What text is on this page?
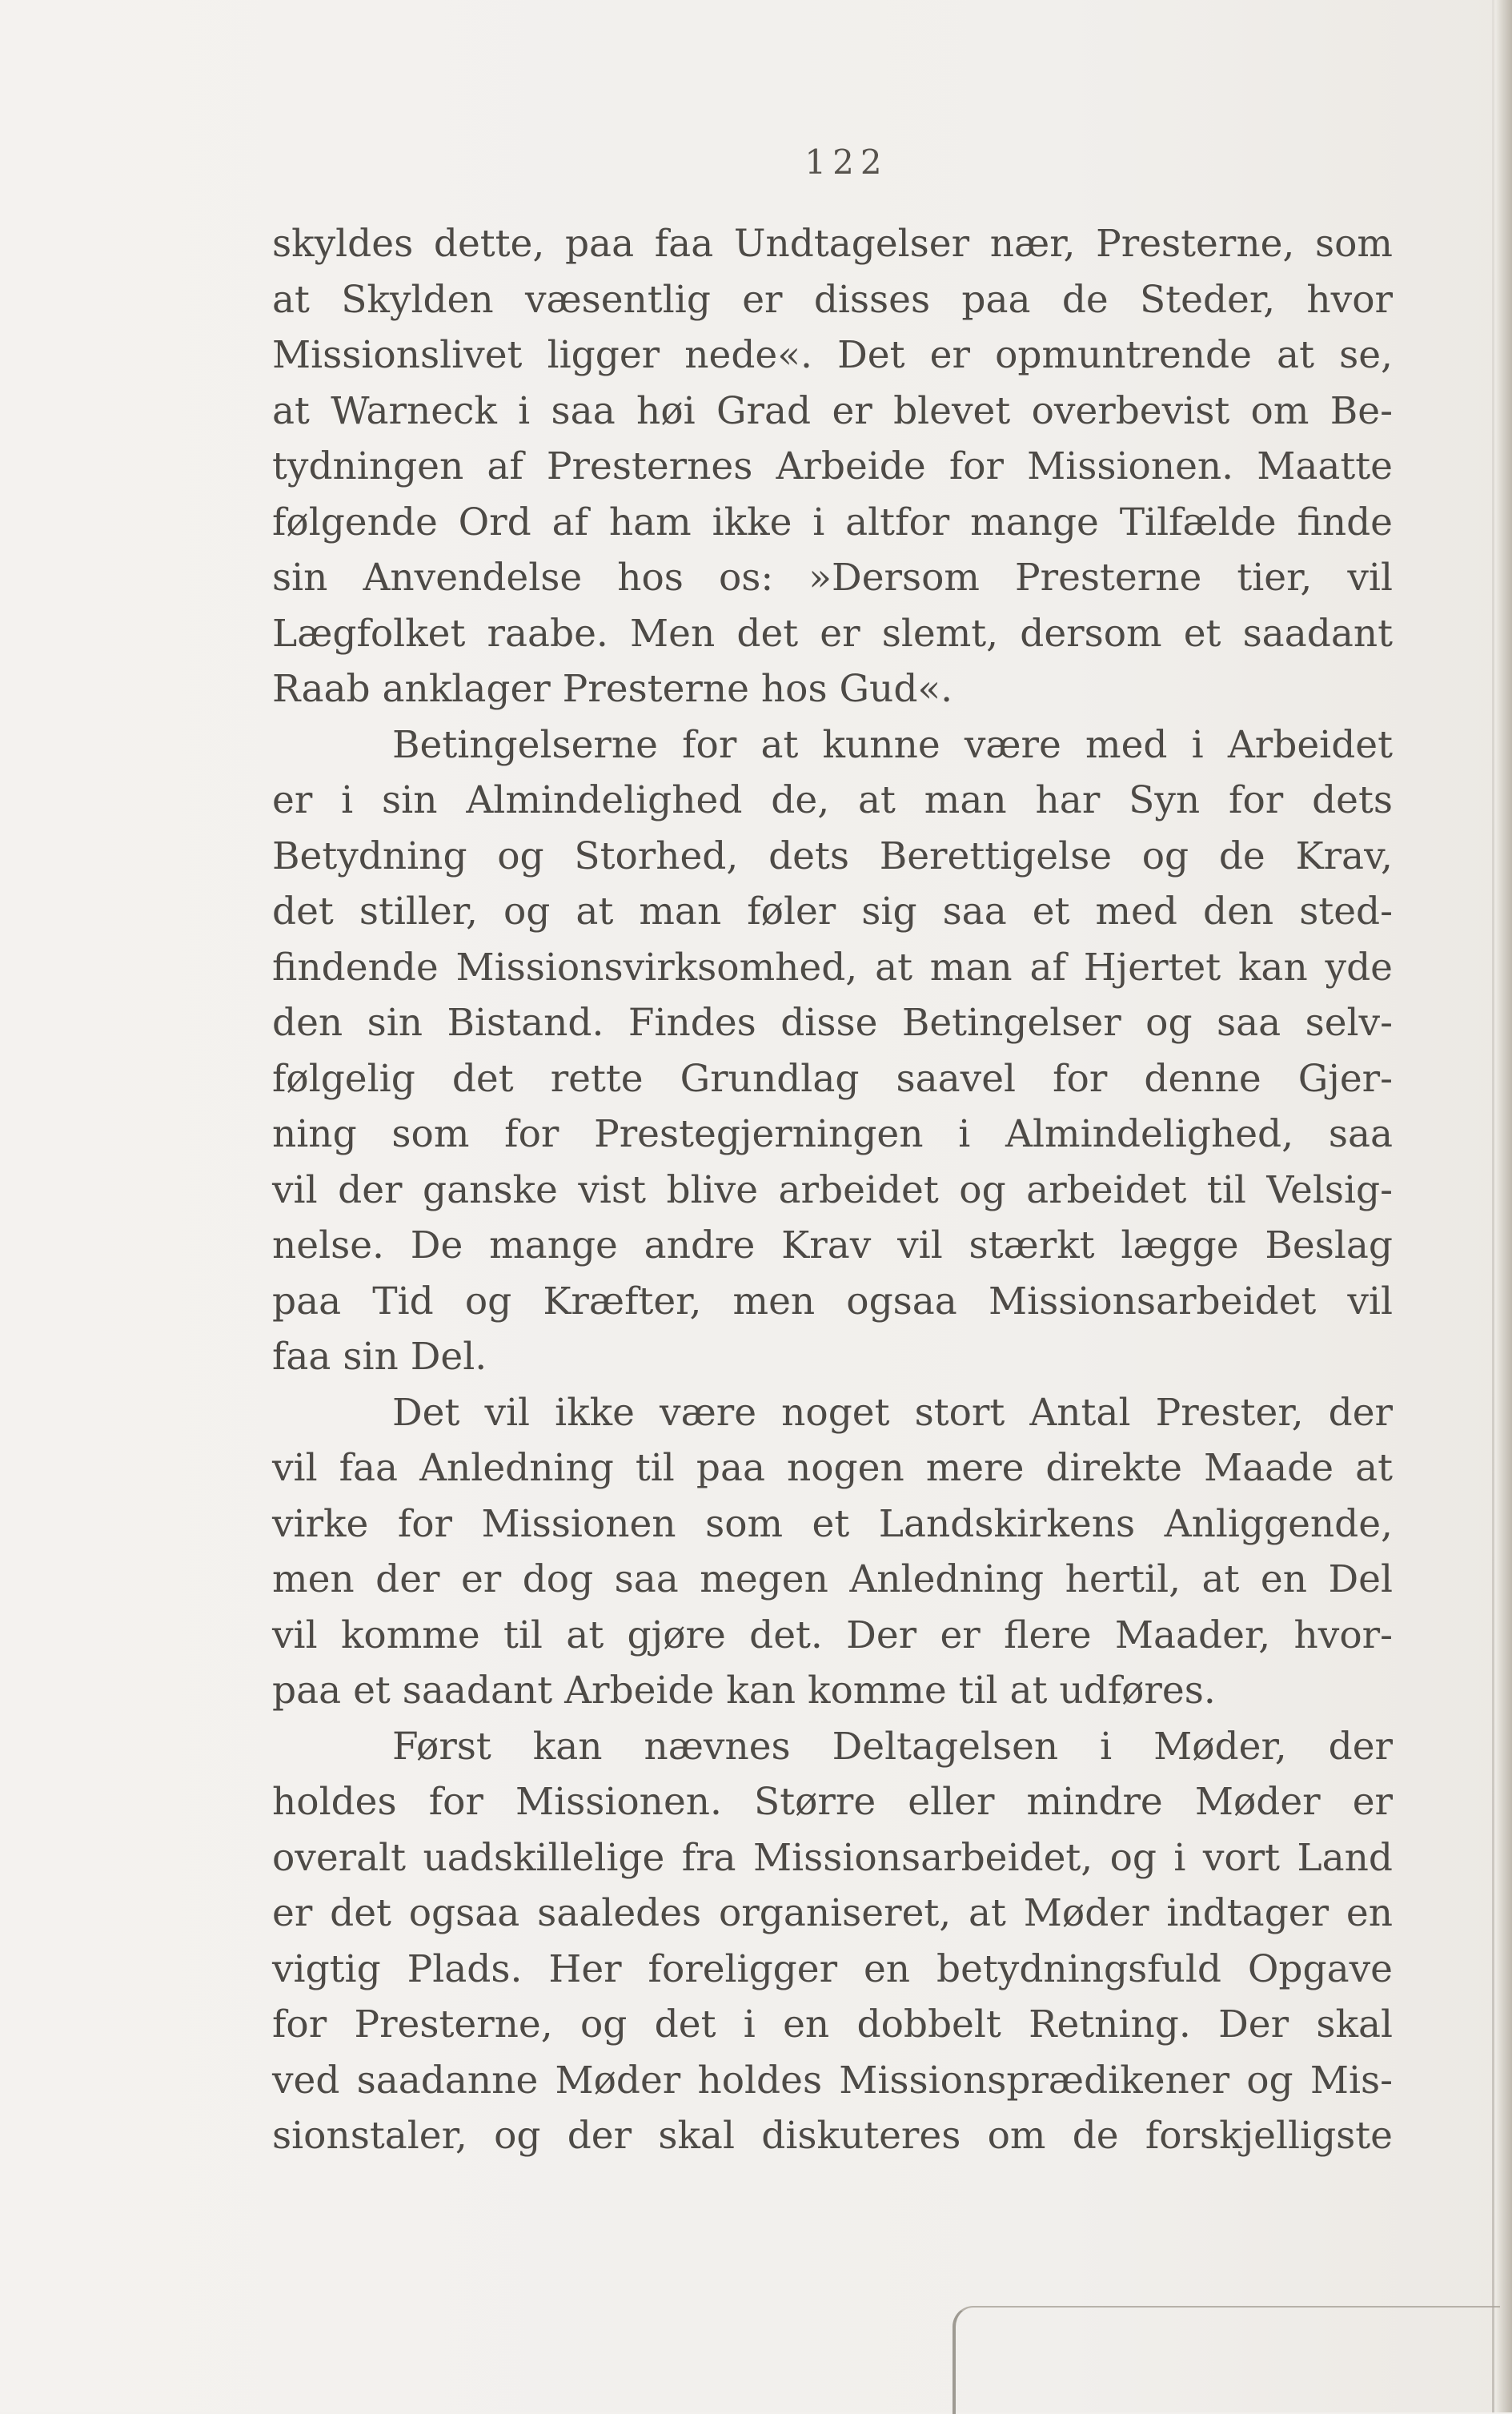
122
skyldes dette, paa faa Undtagelser nær, Presterne, som
at Skylden væsentlig er disses paa de Steder, hvor
Missionslivet ligger nede«. Det er opmuntrende at se,
at Warneck i saa høi Grad er blevet overbevist om Be-
tydningen af Presternes Arbeide for Missionen. Maatte
følgende Ord af ham ikke i altfor mange Tilfælde finde
sin Anvendelse hos os: »Dersom Presterne tier, vil
Lægfolket raabe. Men det er slemt, dersom et saadant
Raab anklager Presterne hos Gud«.
Betingelserne for at kunne være med i Arbeidet
er i sin Almindelighed de, at man har Syn for dets
Betydning og Storhed, dets Berettigelse og de Krav,
det stiller, og at man føler sig saa et med den sted-
findende Missionsvirksomhed, at man af Hjertet kan yde
den sin Bistand. Findes disse Betingelser og saa selv-
følgelig det rette Grundlag saavel for denne Gjer-
ning som for Prestegjerningen i Almindelighed, saa
vil der ganske vist blive arbeidet og arbeidet til Velsig-
nelse. De mange andre Krav vil stærkt lægge Beslag
paa Tid og Kræfter, men ogsaa Missionsarbeidet vil
faa sin Del.
Det vil ikke være noget stort Antal Prester, der
vil faa Anledning til paa nogen mere direkte Maade at
virke for Missionen som et Landskirkens Anliggende,
men der er dog saa megen Anledning hertil, at en Del
vil komme til at gjøre det. Der er flere Maader, hvor-
paa et saadant Arbeide kan komme til at udføres.
Først kan nævnes Deltagelsen i Møder, der
holdes for Missionen. Større eller mindre Møder er
overalt uadskillelige fra Missionsarbeidet, og i vort Land
er det ogsaa saaledes organiseret, at Møder indtager en
vigtig Plads. Her foreligger en betydningsfuld Opgave
for Presterne, og det i en dobbelt Retning. Der skal
ved saadanne Møder holdes Missionsprædikener og Mis-
sionstaler, og der skal diskuteres om de forskjelligste
